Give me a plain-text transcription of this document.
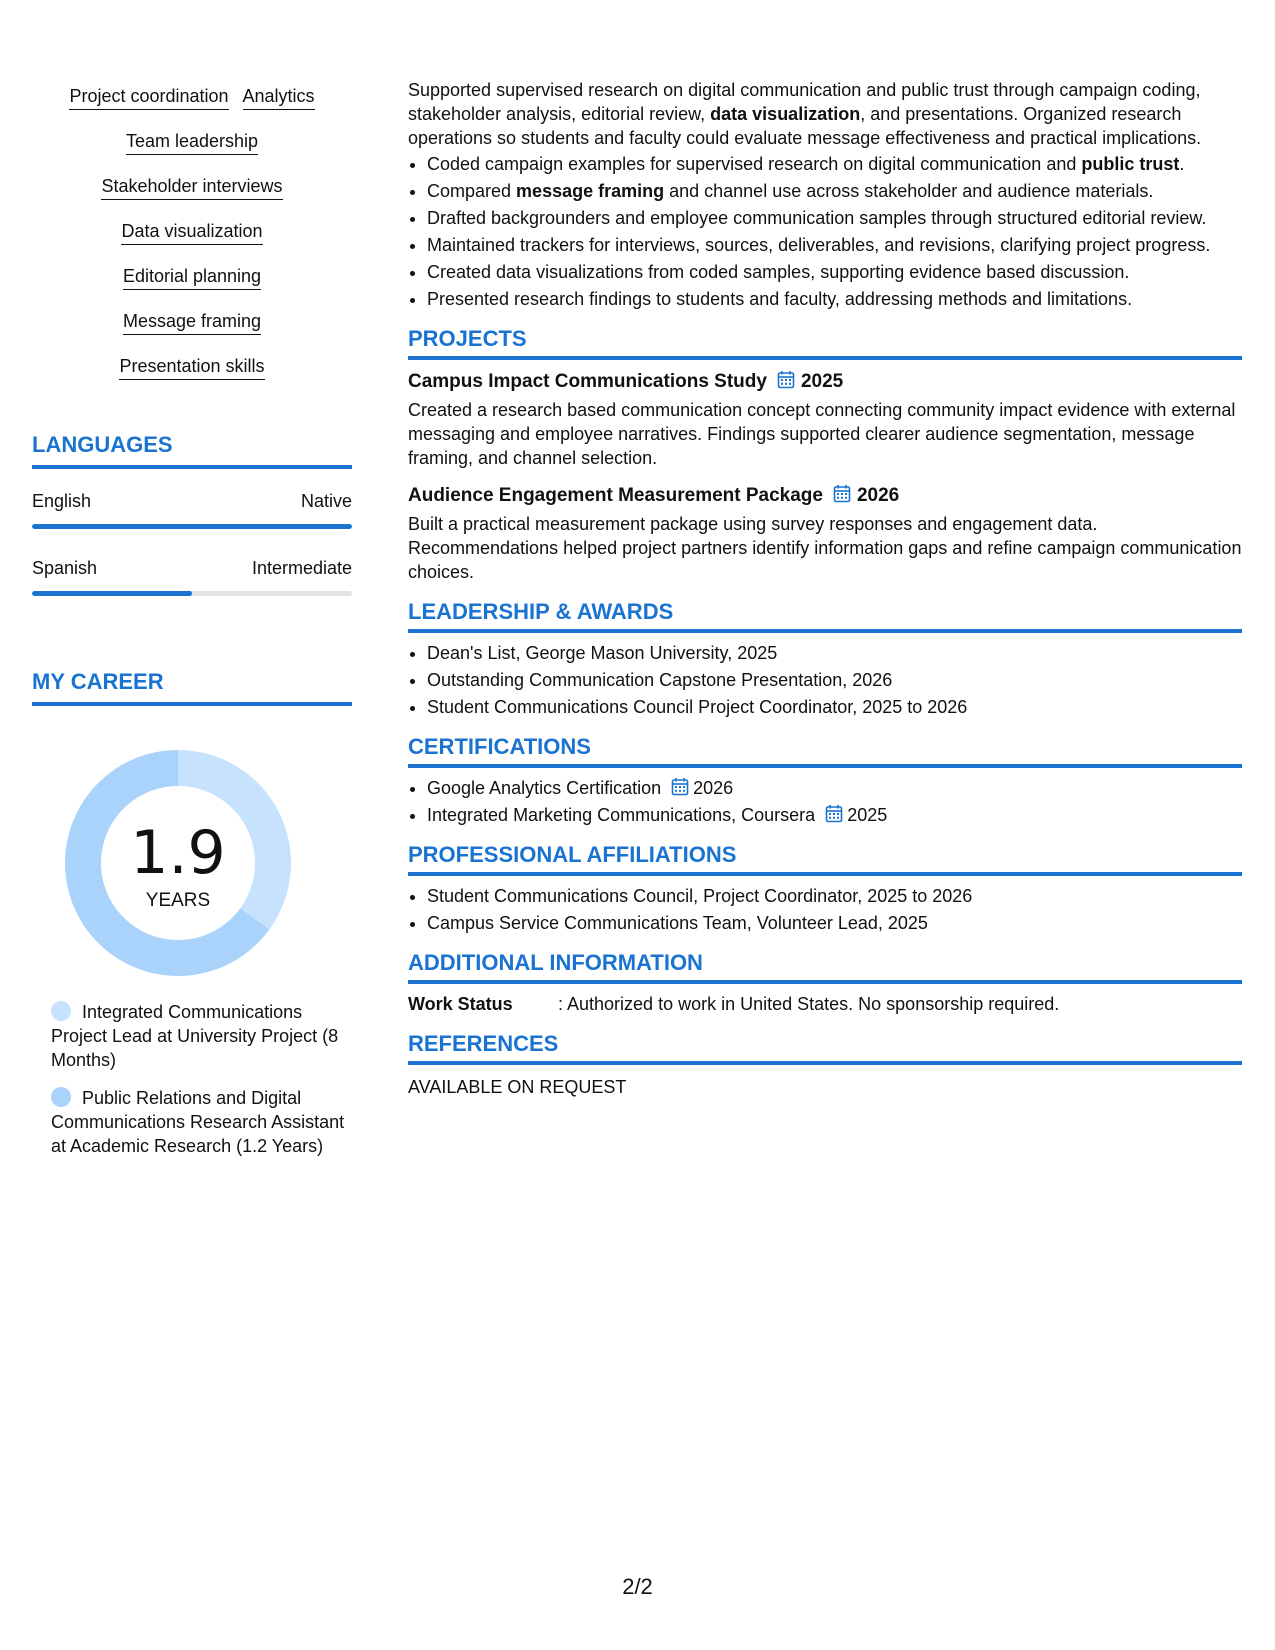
Project coordination Analytics
Team leadership
Stakeholder interviews
Data visualization
Editorial planning
Message framing
Presentation skills
LANGUAGES
English	Native
Spanish	Intermediate
MY CAREER
1.9
YEARS
Integrated Communications Project Lead at University Project (8 Months)
Public Relations and Digital Communications Research Assistant at Academic Research (1.2 Years)

Supported supervised research on digital communication and public trust through campaign coding, stakeholder analysis, editorial review, data visualization, and presentations. Organized research operations so students and faculty could evaluate message effectiveness and practical implications.

• Coded campaign examples for supervised research on digital communication and public trust.
• Compared message framing and channel use across stakeholder and audience materials.
• Drafted backgrounders and employee communication samples through structured editorial review.
• Maintained trackers for interviews, sources, deliverables, and revisions, clarifying project progress.
• Created data visualizations from coded samples, supporting evidence based discussion.
• Presented research findings to students and faculty, addressing methods and limitations.
PROJECTS
Campus Impact Communications Study 2025

Created a research based communication concept connecting community impact evidence with external messaging and employee narratives. Findings supported clearer audience segmentation, message framing, and channel selection.

Audience Engagement Measurement Package 2026

Built a practical measurement package using survey responses and engagement data. Recommendations helped project partners identify information gaps and refine campaign communication choices.

LEADERSHIP & AWARDS
• Dean's List, George Mason University, 2025
• Outstanding Communication Capstone Presentation, 2026
• Student Communications Council Project Coordinator, 2025 to 2026
CERTIFICATIONS
• Google Analytics Certification 2026
• Integrated Marketing Communications, Coursera 2025
PROFESSIONAL AFFILIATIONS
• Student Communications Council, Project Coordinator, 2025 to 2026
• Campus Service Communications Team, Volunteer Lead, 2025
ADDITIONAL INFORMATION
Work Status	: Authorized to work in United States. No sponsorship required.
REFERENCES
AVAILABLE ON REQUEST
2/2
